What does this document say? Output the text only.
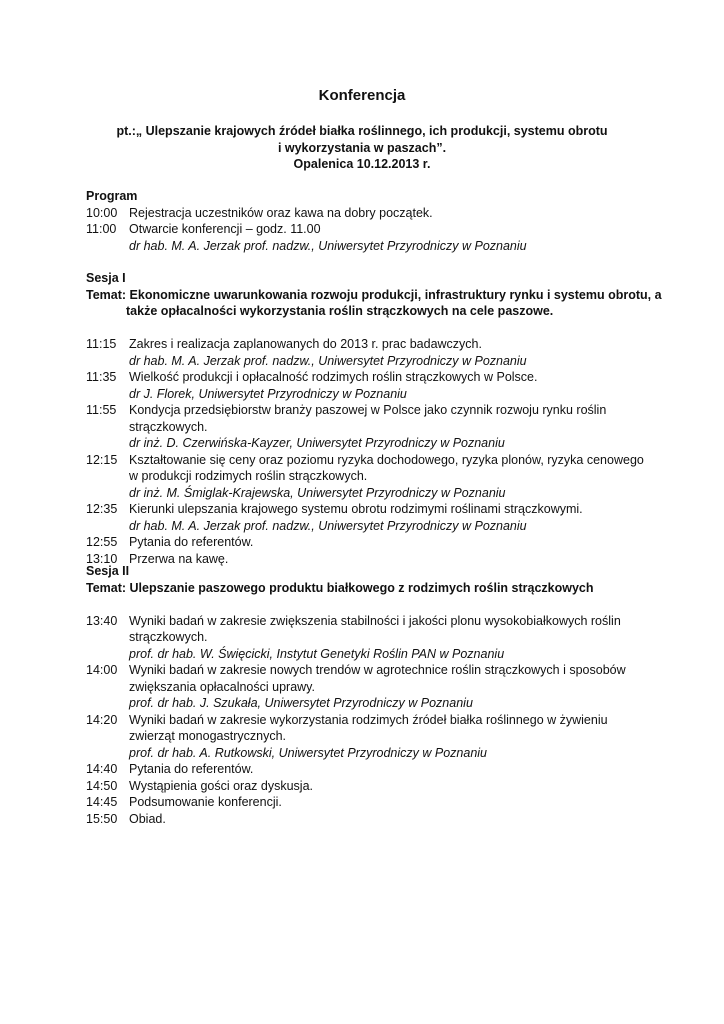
Konferencja
pt.:„ Ulepszanie krajowych źródeł białka roślinnego, ich produkcji, systemu obrotu
i wykorzystania w paszach”.
Opalenica 10.12.2013 r.
Program
10:00 Rejestracja uczestników oraz kawa na dobry początek.
11:00	Otwarcie konferencji – godz. 11.00
dr hab. M. A. Jerzak prof. nadzw., Uniwersytet Przyrodniczy w Poznaniu
Sesja I
Temat: Ekonomiczne uwarunkowania rozwoju produkcji, infrastruktury rynku i systemu obrotu, a
także opłacalności wykorzystania roślin strączkowych na cele paszowe.
11:15	Zakres i realizacja zaplanowanych do 2013 r. prac badawczych.
dr hab. M. A. Jerzak prof. nadzw., Uniwersytet Przyrodniczy w Poznaniu
11:35	Wielkość produkcji i opłacalność rodzimych roślin strączkowych w Polsce.
dr J. Florek, Uniwersytet Przyrodniczy w Poznaniu
11:55	Kondycja przedsiębiorstw branży paszowej w Polsce jako czynnik rozwoju rynku roślin strączkowych.
dr inż. D. Czerwińska-Kayzer, Uniwersytet Przyrodniczy w Poznaniu
12:15 Kształtowanie się ceny oraz poziomu ryzyka dochodowego, ryzyka plonów, ryzyka cenowego w produkcji rodzimych roślin strączkowych.
dr inż. M. Śmiglak-Krajewska, Uniwersytet Przyrodniczy w Poznaniu
12:35 Kierunki ulepszania krajowego systemu obrotu rodzimymi roślinami strączkowymi.
dr hab. M. A. Jerzak prof. nadzw., Uniwersytet Przyrodniczy w Poznaniu
12:55 Pytania do referentów.
13:10 Przerwa na kawę.
Sesja II
Temat: Ulepszanie paszowego produktu białkowego z rodzimych roślin strączkowych
13:40 Wyniki badań w zakresie zwiększenia stabilności i jakości plonu wysokobiałkowych roślin strączkowych.
prof. dr hab. W. Święcicki, Instytut Genetyki Roślin PAN w Poznaniu
14:00 Wyniki badań w zakresie nowych trendów w agrotechnice roślin strączkowych i sposobów zwiększania opłacalności uprawy.
prof. dr hab. J. Szukała, Uniwersytet Przyrodniczy w Poznaniu
14:20 Wyniki badań w zakresie wykorzystania rodzimych źródeł białka roślinnego w żywieniu zwierząt monogastrycznych.
prof. dr hab. A. Rutkowski, Uniwersytet Przyrodniczy w Poznaniu
14:40 Pytania do referentów.
14:50 Wystąpienia gości oraz dyskusja.
14:45 Podsumowanie konferencji.
15:50 Obiad.
